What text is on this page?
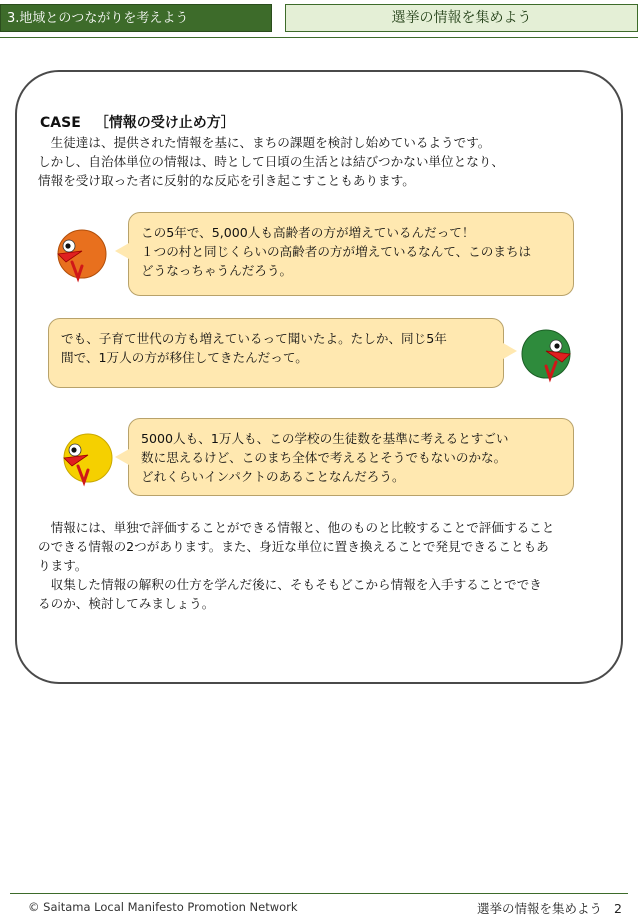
3.地域とのつながりを考えよう	選挙の情報を集めよう
CASE ［情報の受け止め方］

　生徒達は、提供された情報を基に、まちの課題を検討し始めているようです。

しかし、自治体単位の情報は、時として日頃の生活とは結びつかない単位となり、

情報を受け取った者に反射的な反応を引き起こすこともあります。

この5年で、5,000人も高齢者の方が増えているんだって！

１つの村と同じくらいの高齢者の方が増えているなんて、このまちは

どうなっちゃうんだろう。

でも、子育て世代の方も増えているって聞いたよ。たしか、同じ5年

間で、1万人の方が移住してきたんだって。

5000人も、1万人も、この学校の生徒数を基準に考えるとすごい

数に思えるけど、このまち全体で考えるとそうでもないのかな。

どれくらいインパクトのあることなんだろう。

　情報には、単独で評価することができる情報と、他のものと比較することで評価すること

のできる情報の2つがあります。また、身近な単位に置き換えることで発見できることもあ

ります。

　収集した情報の解釈の仕方を学んだ後に、そもそもどこから情報を入手することででき

るのか、検討してみましょう。

© Saitama Local Manifesto Promotion Network	選挙の情報を集めよう 2
